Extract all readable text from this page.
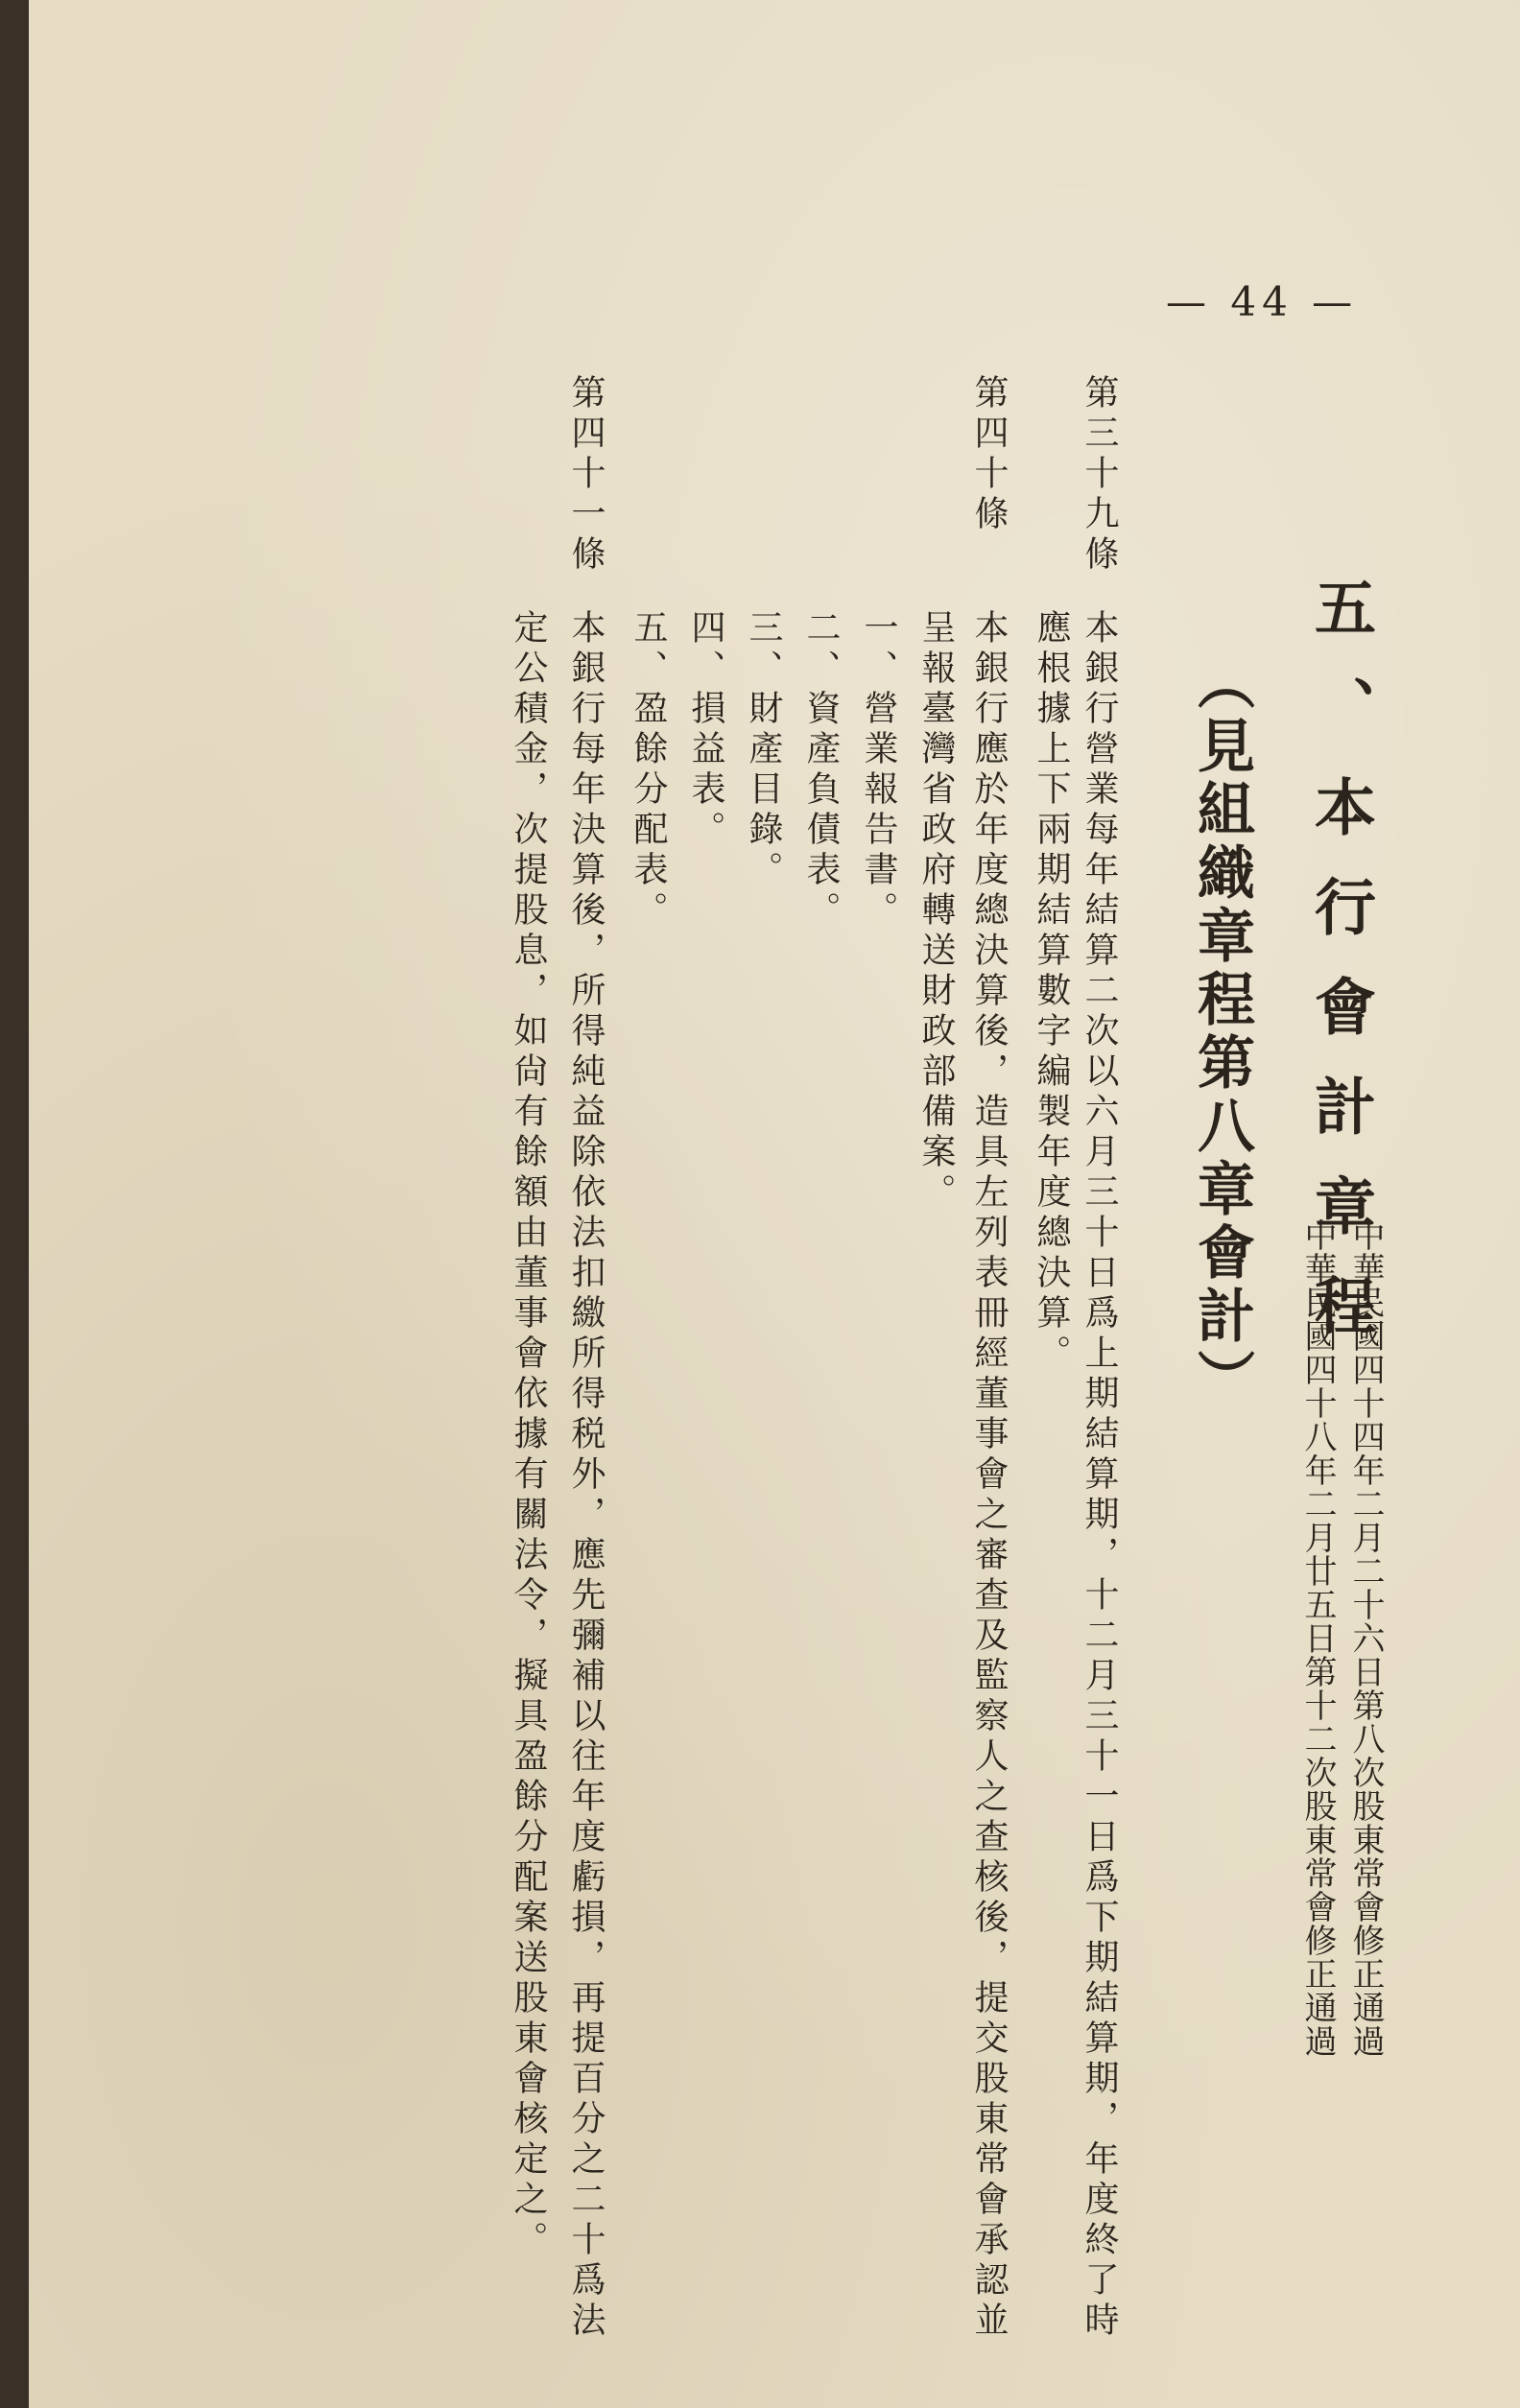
— 44 —
五、本行會計章程
中華民國四十四年二月二十六日第八次股東常會修正通過
中華民國四十八年二月廿五日第十二次股東常會修正通過
（見組織章程第八章會計）
第三十九條
本銀行營業每年結算二次以六月三十日爲上期結算期，十二月三十一日爲下期結算期，年度終了時
應根據上下兩期結算數字編製年度總決算。
第四十條
本銀行應於年度總決算後，造具左列表冊經董事會之審查及監察人之查核後，提交股東常會承認並
呈報臺灣省政府轉送財政部備案。
一、營業報告書。
二、資產負債表。
三、財產目錄。
四、損益表。
五、盈餘分配表。
第四十一條
本銀行每年決算後，所得純益除依法扣繳所得税外，應先彌補以往年度虧損，再提百分之二十爲法
定公積金，次提股息，如尙有餘額由董事會依據有關法令，擬具盈餘分配案送股東會核定之。
